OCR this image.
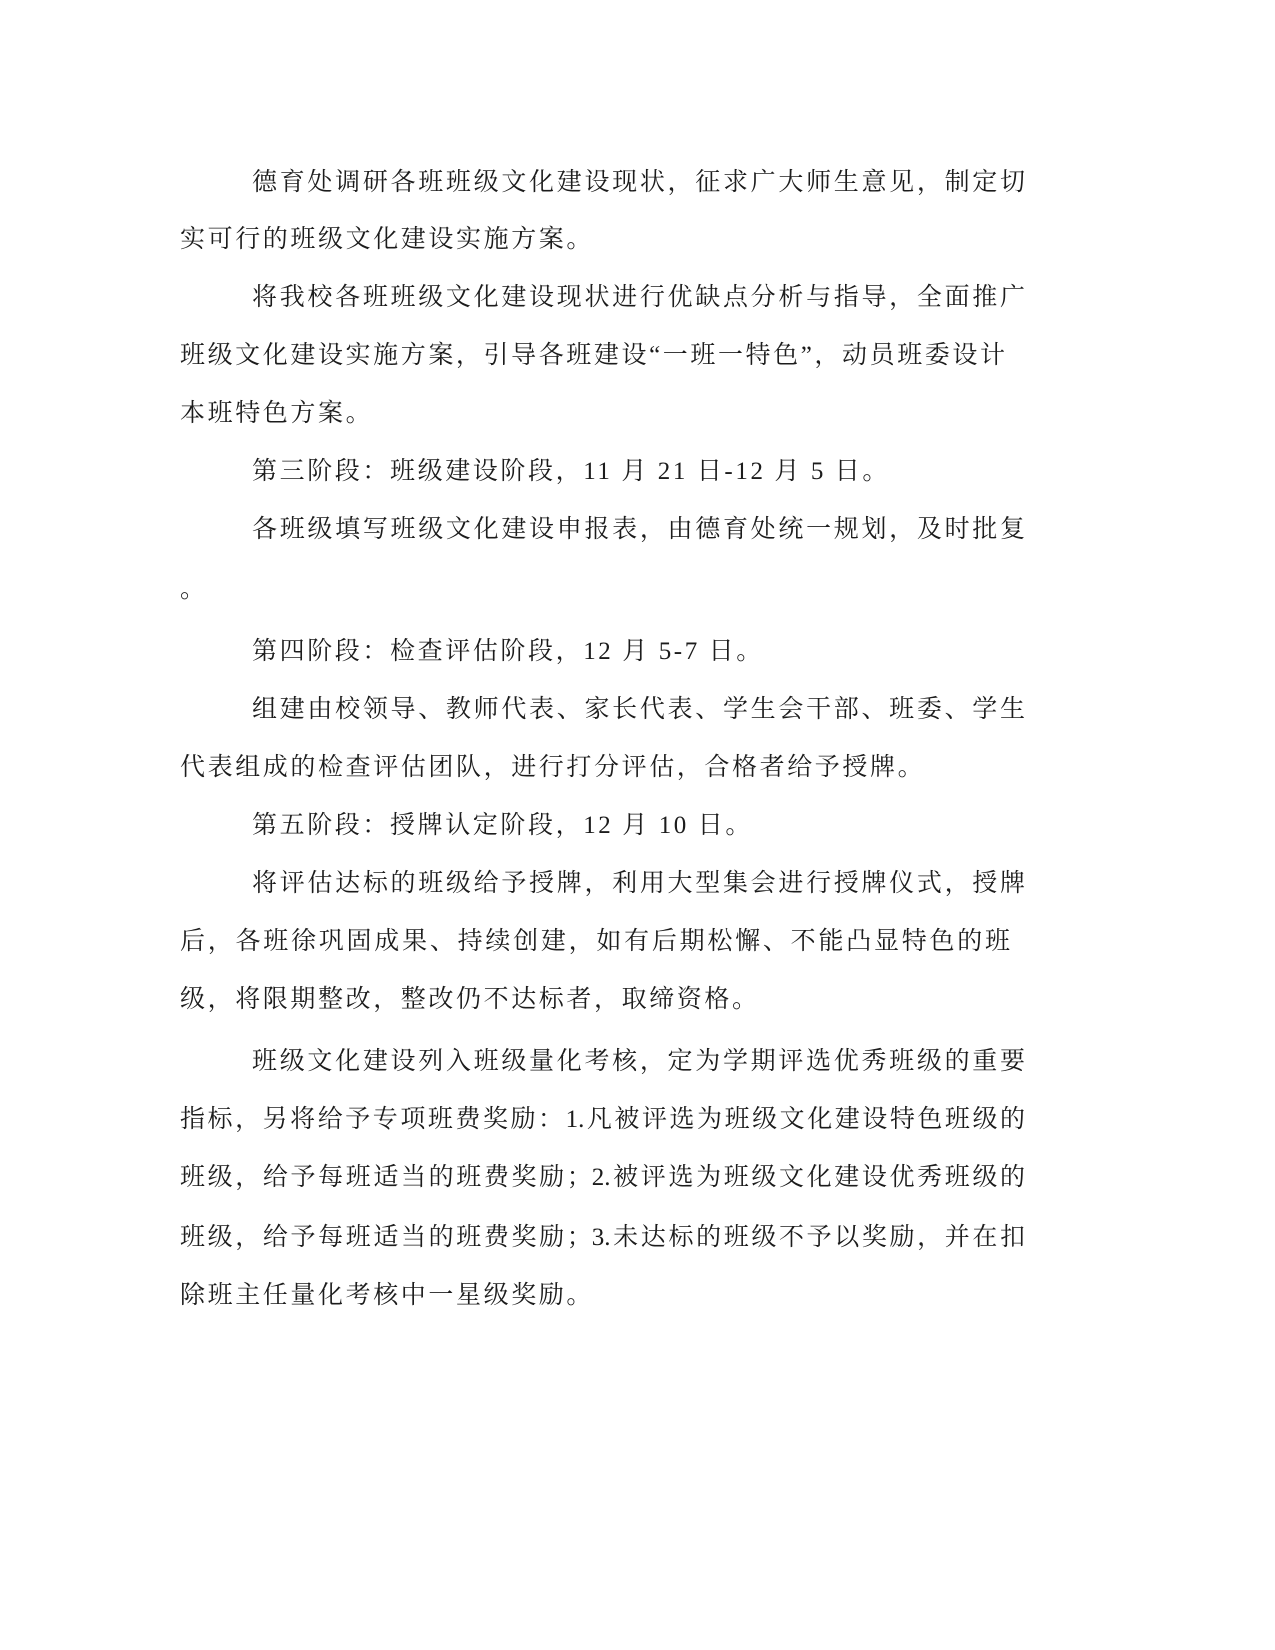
德育处调研各班班级文化建设现状，征求广大师生意见，制定切
实可行的班级文化建设实施方案。
将我校各班班级文化建设现状进行优缺点分析与指导，全面推广
班级文化建设实施方案，引导各班建设“一班一特色”，动员班委设计
本班特色方案。
第三阶段：班级建设阶段，11 月 21 日-12 月 5 日。
各班级填写班级文化建设申报表，由德育处统一规划，及时批复
。
第四阶段：检查评估阶段，12 月 5-7 日。
组建由校领导、教师代表、家长代表、学生会干部、班委、学生
代表组成的检查评估团队，进行打分评估，合格者给予授牌。
第五阶段：授牌认定阶段，12 月 10 日。
将评估达标的班级给予授牌，利用大型集会进行授牌仪式，授牌
后，各班徐巩固成果、持续创建，如有后期松懈、不能凸显特色的班
级，将限期整改，整改仍不达标者，取缔资格。
班级文化建设列入班级量化考核，定为学期评选优秀班级的重要
指标，另将给予专项班费奖励：1.凡被评选为班级文化建设特色班级的
班级，给予每班适当的班费奖励；2.被评选为班级文化建设优秀班级的
班级，给予每班适当的班费奖励；3.未达标的班级不予以奖励，并在扣
除班主任量化考核中一星级奖励。
